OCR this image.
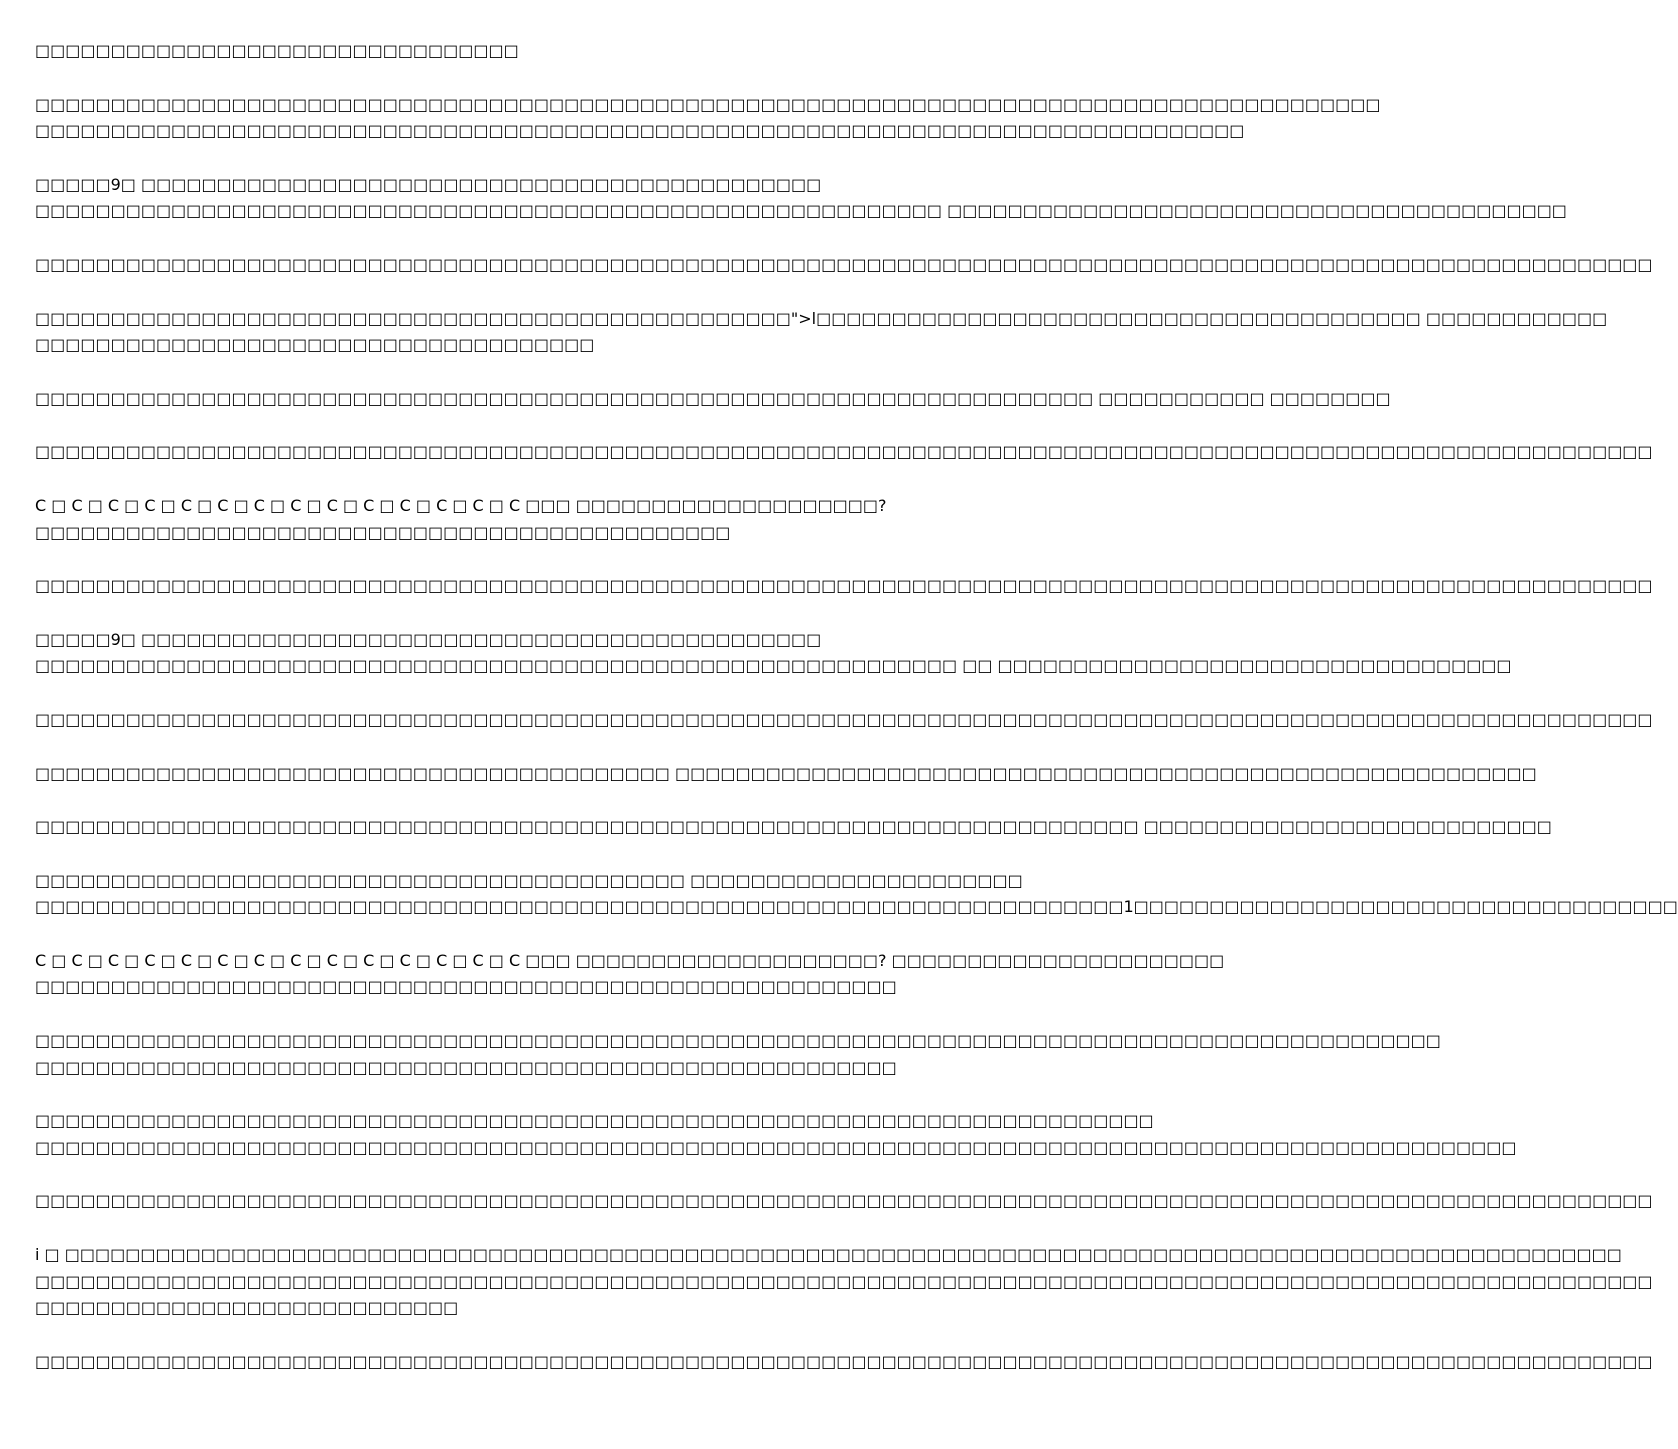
□□□□□□□□□□□□□□□□□□□□□□□□□□□□□□□□
□□□□□□□□□□□□□□□□□□□□□□□□□□□□□□□□□□□□□□□□□□□□□□□□□□□□□□□□□□□□□□□□□□□□□□□□□□□□□□□□□□□□□□□□□
□□□□□□□□□□□□□□□□□□□□□□□□□□□□□□□□□□□□□□□□□□□□□□□□□□□□□□□□□□□□□□□□□□□□□□□□□□□□□□□□
□□□□□9□ □□□□□□□□□□□□□□□□□□□□□□□□□□□□□□□□□□□□□□□□□□□□□
□□□□□□□□□□□□□□□□□□□□□□□□□□□□□□□□□□□□□□□□□□□□□□□□□□□□□□□□□□□□ □□□□□□□□□□□□□□□□□□□□□□□□□□□□□□□□□□□□□□□□□
□□□□□□□□□□□□□□□□□□□□□□□□□□□□□□□□□□□□□□□□□□□□□□□□□□□□□□□□□□□□□□□□□□□□□□□□□□□□□□□□□□□□□□□□□□□□□□□□□□□□□□□□□□□
□□□□□□□□□□□□□□□□□□□□□□□□□□□□□□□□□□□□□□□□□□□□□□□□□□">l□□□□□□□□□□□□□□□□□□□□□□□□□□□□□□□□□□□□□□□□ □□□□□□□□□□□□
□□□□□□□□□□□□□□□□□□□□□□□□□□□□□□□□□□□□□
□□□□□□□□□□□□□□□□□□□□□□□□□□□□□□□□□□□□□□□□□□□□□□□□□□□□□□□□□□□□□□□□□□□□□□ □□□□□□□□□□□ □□□□□□□□
□□□□□□□□□□□□□□□□□□□□□□□□□□□□□□□□□□□□□□□□□□□□□□□□□□□□□□□□□□□□□□□□□□□□□□□□□□□□□□□□□□□□□□□□□□□□□□□□□□□□□□□□□□□
C □ C □ C □ C □ C □ C □ C □ C □ C □ C □ C □ C □ C □ C □□□ □□□□□□□□□□□□□□□□□□□□?
□□□□□□□□□□□□□□□□□□□□□□□□□□□□□□□□□□□□□□□□□□□□□□
□□□□□□□□□□□□□□□□□□□□□□□□□□□□□□□□□□□□□□□□□□□□□□□□□□□□□□□□□□□□□□□□□□□□□□□□□□□□□□□□□□□□□□□□□□□□□□□□□□□□□□□□□□□
□□□□□9□ □□□□□□□□□□□□□□□□□□□□□□□□□□□□□□□□□□□□□□□□□□□□□
□□□□□□□□□□□□□□□□□□□□□□□□□□□□□□□□□□□□□□□□□□□□□□□□□□□□□□□□□□□□□ □□ □□□□□□□□□□□□□□□□□□□□□□□□□□□□□□□□□□
□□□□□□□□□□□□□□□□□□□□□□□□□□□□□□□□□□□□□□□□□□□□□□□□□□□□□□□□□□□□□□□□□□□□□□□□□□□□□□□□□□□□□□□□□□□□□□□□□□□□□□□□□□□
□□□□□□□□□□□□□□□□□□□□□□□□□□□□□□□□□□□□□□□□□□ □□□□□□□□□□□□□□□□□□□□□□□□□□□□□□□□□□□□□□□□□□□□□□□□□□□□□□□□□
□□□□□□□□□□□□□□□□□□□□□□□□□□□□□□□□□□□□□□□□□□□□□□□□□□□□□□□□□□□□□□□□□□□□□□□□□ □□□□□□□□□□□□□□□□□□□□□□□□□□□
□□□□□□□□□□□□□□□□□□□□□□□□□□□□□□□□□□□□□□□□□□□ □□□□□□□□□□□□□□□□□□□□□□
□□□□□□□□□□□□□□□□□□□□□□□□□□□□□□□□□□□□□□□□□□□□□□□□□□□□□□□□□□□□□□□□□□□□□□□□1□□□□□□□□□□□□□□□□□□□□□□□□□□□□□□□□□□□□
C □ C □ C □ C □ C □ C □ C □ C □ C □ C □ C □ C □ C □ C □□□ □□□□□□□□□□□□□□□□□□□□? □□□□□□□□□□□□□□□□□□□□□□
□□□□□□□□□□□□□□□□□□□□□□□□□□□□□□□□□□□□□□□□□□□□□□□□□□□□□□□□□
□□□□□□□□□□□□□□□□□□□□□□□□□□□□□□□□□□□□□□□□□□□□□□□□□□□□□□□□□□□□□□□□□□□□□□□□□□□□□□□□□□□□□□□□□□□□□
□□□□□□□□□□□□□□□□□□□□□□□□□□□□□□□□□□□□□□□□□□□□□□□□□□□□□□□□□
□□□□□□□□□□□□□□□□□□□□□□□□□□□□□□□□□□□□□□□□□□□□□□□□□□□□□□□□□□□□□□□□□□□□□□□□□□
□□□□□□□□□□□□□□□□□□□□□□□□□□□□□□□□□□□□□□□□□□□□□□□□□□□□□□□□□□□□□□□□□□□□□□□□□□□□□□□□□□□□□□□□□□□□□□□□□□
□□□□□□□□□□□□□□□□□□□□□□□□□□□□□□□□□□□□□□□□□□□□□□□□□□□□□□□□□□□□□□□□□□□□□□□□□□□□□□□□□□□□□□□□□□□□□□□□□□□□□□□□□□□
i □ □□□□□□□□□□□□□□□□□□□□□□□□□□□□□□□□□□□□□□□□□□□□□□□□□□□□□□□□□□□□□□□□□□□□□□□□□□□□□□□□□□□□□□□□□□□□□□□□□□□□□□□
□□□□□□□□□□□□□□□□□□□□□□□□□□□□□□□□□□□□□□□□□□□□□□□□□□□□□□□□□□□□□□□□□□□□□□□□□□□□□□□□□□□□□□□□□□□□□□□□□□□□□□□□□□□
□□□□□□□□□□□□□□□□□□□□□□□□□□□□
□□□□□□□□□□□□□□□□□□□□□□□□□□□□□□□□□□□□□□□□□□□□□□□□□□□□□□□□□□□□□□□□□□□□□□□□□□□□□□□□□□□□□□□□□□□□□□□□□□□□□□□□□□□
